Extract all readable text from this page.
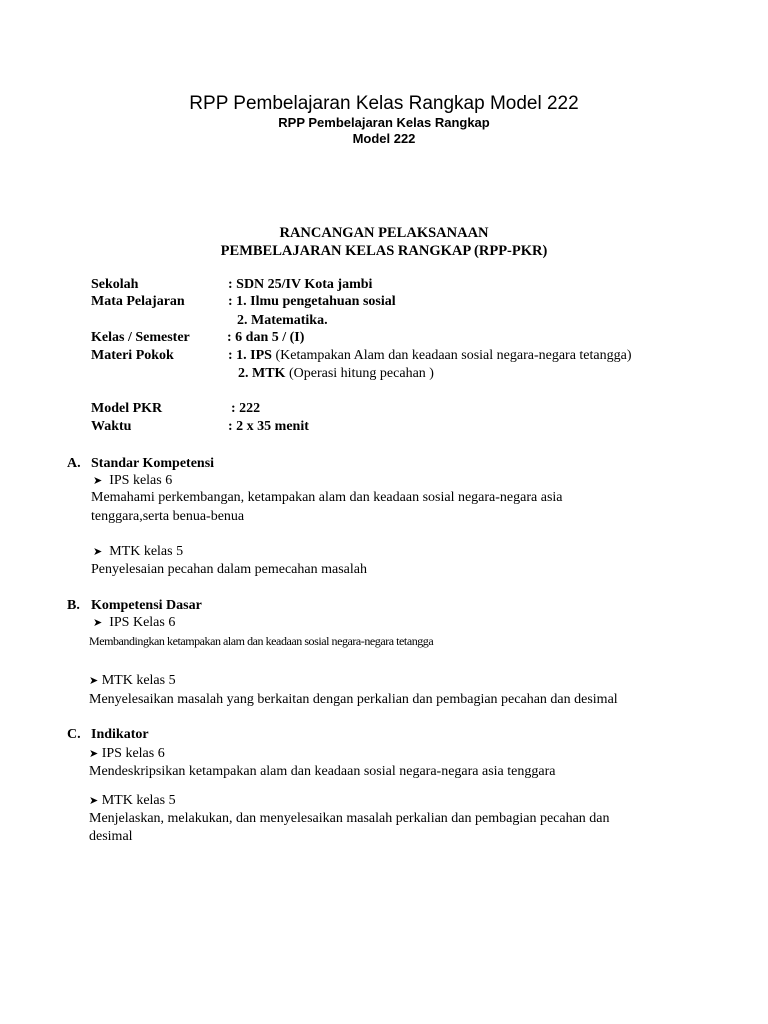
RPP Pembelajaran Kelas Rangkap Model 222
RPP Pembelajaran Kelas Rangkap
Model 222
RANCANGAN PELAKSANAAN
PEMBELAJARAN KELAS RANGKAP (RPP-PKR)
Sekolah	: SDN 25/IV Kota jambi
Mata Pelajaran	: 1. Ilmu pengetahuan sosial
2. Matematika.
Kelas / Semester	: 6 dan 5 / (I)
Materi Pokok	: 1. IPS (Ketampakan Alam dan keadaan sosial negara-negara tetangga)
2. MTK (Operasi hitung pecahan )
Model PKR	: 222
Waktu	: 2 x 35 menit
A. Standar Kompetensi
➤ IPS kelas 6
Memahami perkembangan, ketampakan alam dan keadaan sosial negara-negara asia
tenggara,serta benua-benua
➤ MTK kelas 5
Penyelesaian pecahan dalam pemecahan masalah
B. Kompetensi Dasar
➤ IPS Kelas 6
Membandingkan ketampakan alam dan keadaan sosial negara-negara tetangga
➤ MTK kelas 5
Menyelesaikan masalah yang berkaitan dengan perkalian dan pembagian pecahan dan desimal
C. Indikator
➤ IPS kelas 6
Mendeskripsikan ketampakan alam dan keadaan sosial negara-negara asia tenggara
➤ MTK kelas 5
Menjelaskan, melakukan, dan menyelesaikan masalah perkalian dan pembagian pecahan dan
desimal
